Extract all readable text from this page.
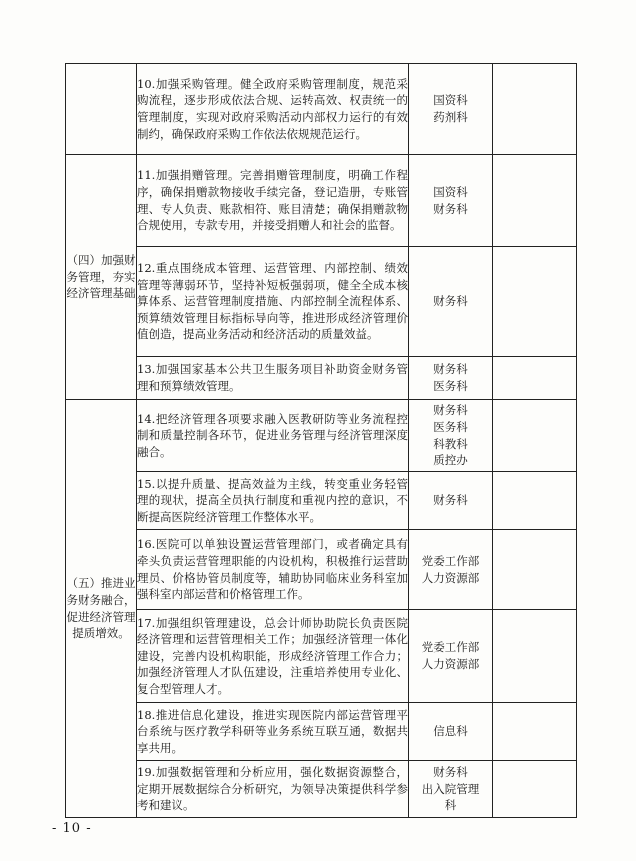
	10.加强采购管理。健全政府采购管理制度，规范采购流程，逐步形成依法合规、运转高效、权责统一的管理制度，实现对政府采购活动内部权力运行的有效制约，确保政府采购工作依法依规规范运行。	国资科
药剂科	

（四）加强财务管理，夯实经济管理基础	11.加强捐赠管理。完善捐赠管理制度，明确工作程序，确保捐赠款物接收手续完备，登记造册，专账管理、专人负责、账款相符、账目清楚；确保捐赠款物合规使用，专款专用，并接受捐赠人和社会的监督。	国资科
财务科	

	12.重点围绕成本管理、运营管理、内部控制、绩效管理等薄弱环节，坚持补短板强弱项，健全全成本核算体系、运营管理制度措施、内部控制全流程体系、预算绩效管理目标指标导向等，推进形成经济管理价值创造，提高业务活动和经济活动的质量效益。	财务科	

	13.加强国家基本公共卫生服务项目补助资金财务管理和预算绩效管理。	财务科
医务科	

（五）推进业务财务融合，促进经济管理提质增效。	14.把经济管理各项要求融入医教研防等业务流程控制和质量控制各环节，促进业务管理与经济管理深度融合。	财务科
医务科
科教科
质控办	

	15.以提升质量、提高效益为主线，转变重业务轻管理的现状，提高全员执行制度和重视内控的意识，不断提高医院经济管理工作整体水平。	财务科	

	16.医院可以单独设置运营管理部门，或者确定具有牵头负责运营管理职能的内设机构，积极推行运营助理员、价格协管员制度等，辅助协同临床业务科室加强科室内部运营和价格管理工作。	党委工作部
人力资源部	

	17.加强组织管理建设，总会计师协助院长负责医院经济管理和运营管理相关工作；加强经济管理一体化建设，完善内设机构职能，形成经济管理工作合力；加强经济管理人才队伍建设，注重培养使用专业化、复合型管理人才。	党委工作部
人力资源部	

	18.推进信息化建设，推进实现医院内部运营管理平台系统与医疗教学科研等业务系统互联互通，数据共享共用。	信息科	

	19.加强数据管理和分析应用，强化数据资源整合，定期开展数据综合分析研究，为领导决策提供科学参考和建议。	财务科
出入院管理
科	

- 10 -
